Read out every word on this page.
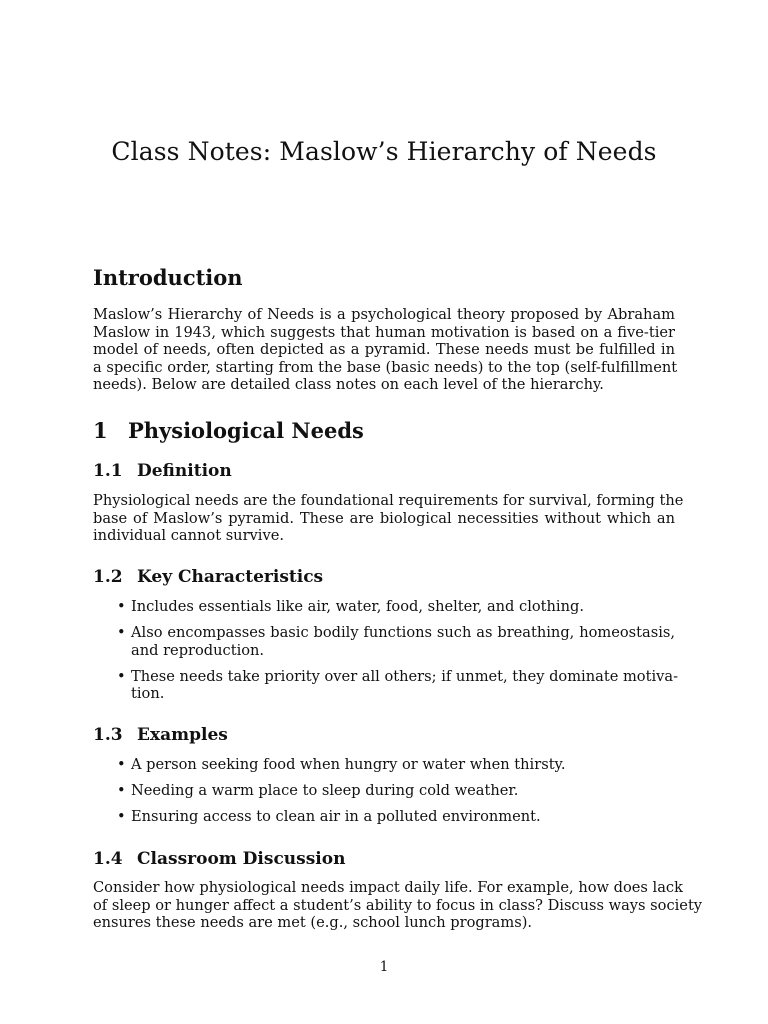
Class Notes: Maslow’s Hierarchy of Needs
Introduction

Maslow’s Hierarchy of Needs is a psychological theory proposed by Abraham
Maslow in 1943, which suggests that human motivation is based on a five-tier
model of needs, often depicted as a pyramid. These needs must be fulfilled in
a specific order, starting from the base (basic needs) to the top (self-fulfillment
needs). Below are detailed class notes on each level of the hierarchy.

1 Physiological Needs
1.1 Definition

Physiological needs are the foundational requirements for survival, forming the
base of Maslow’s pyramid. These are biological necessities without which an
individual cannot survive.

1.2 Key Characteristics
• Includes essentials like air, water, food, shelter, and clothing.
• Also encompasses basic bodily functions such as breathing, homeostasis,
and reproduction.
• These needs take priority over all others; if unmet, they dominate motiva-
tion.
1.3 Examples
• A person seeking food when hungry or water when thirsty.
• Needing a warm place to sleep during cold weather.
• Ensuring access to clean air in a polluted environment.
1.4 Classroom Discussion

Consider how physiological needs impact daily life. For example, how does lack
of sleep or hunger affect a student’s ability to focus in class? Discuss ways society
ensures these needs are met (e.g., school lunch programs).

1
